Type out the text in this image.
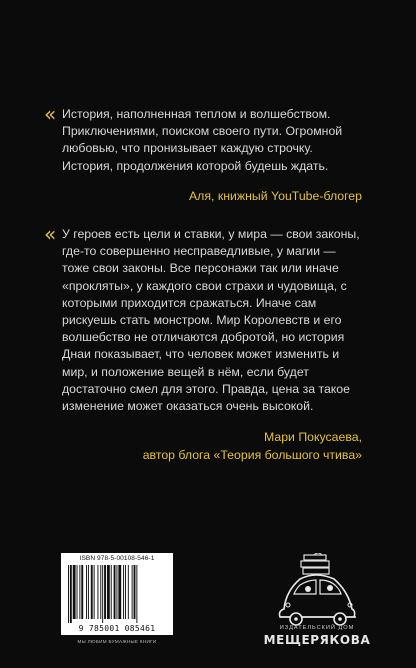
« История, наполненная теплом и волшебством. Приключениями, поиском своего пути. Огромной любовью, что пронизывает каждую строчку. История, продолжения которой будешь ждать.

Аля, книжный YouTube-блогер

« У героев есть цели и ставки, у мира — свои законы, где-то совершенно несправедливые, у магии — тоже свои законы. Все персонажи так или иначе «прокляты», у каждого свои страхи и чудовища, с которыми приходится сражаться. Иначе сам рискуешь стать монстром. Мир Королевств и его волшебство не отличаются добротой, но история Днаи показывает, что человек может изменить и мир, и положение вещей в нём, если будет достаточно смел для этого. Правда, цена за такое изменение может оказаться очень высокой.

Мари Покусаева,

автор блога «Теория большого чтива»

ISBN 978-5-00108-546-1
9 785001 085461
МЫ ЛЮБИМ БУМАЖНЫЕ КНИГИ
ИЗДАТЕЛЬСКИЙ ДОМ
МЕЩЕРЯКОВА
